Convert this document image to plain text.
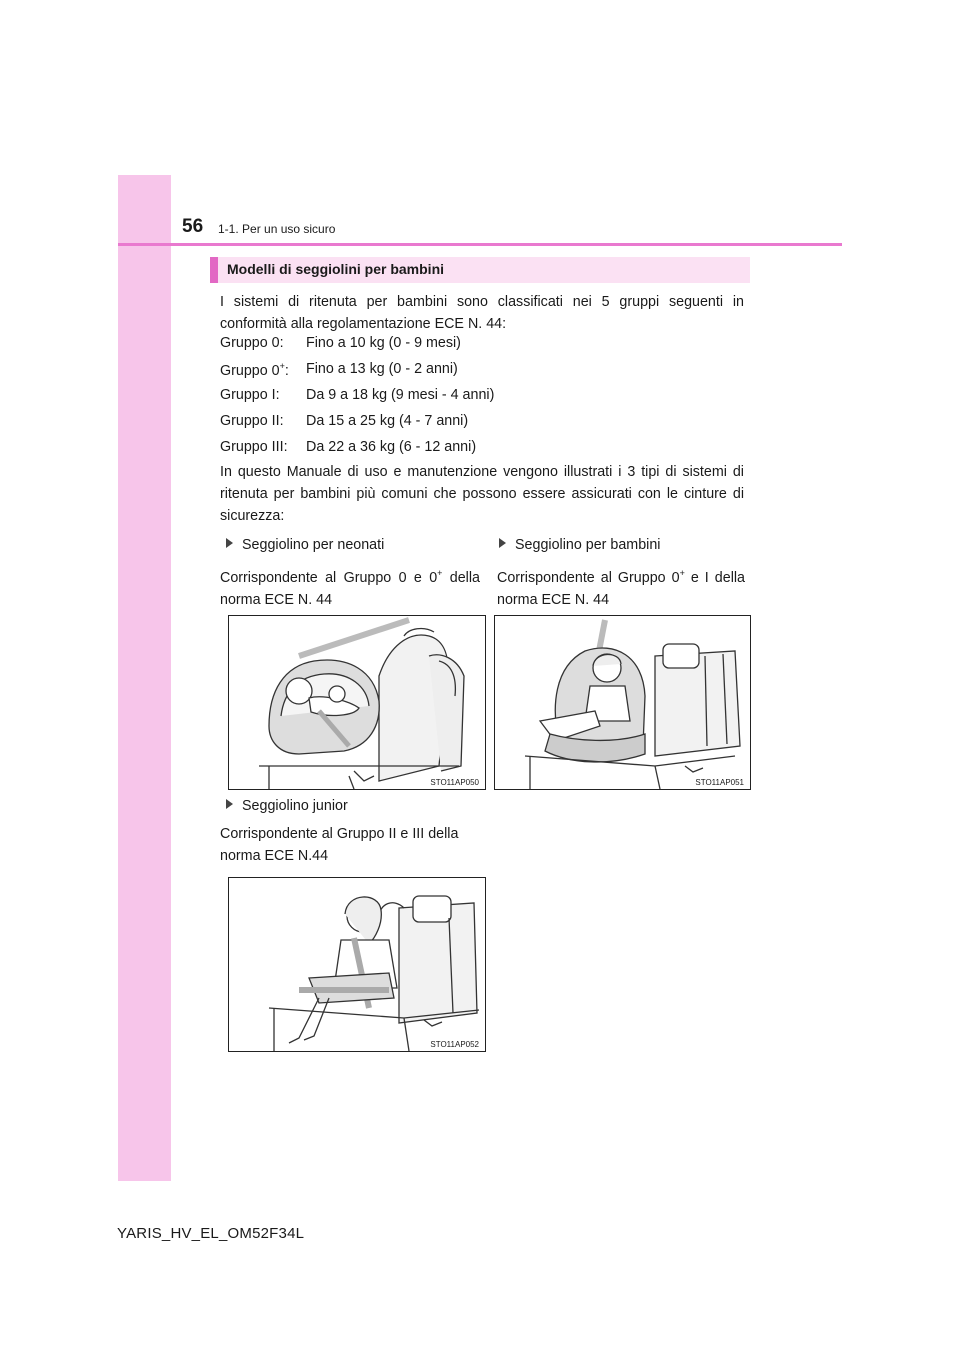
56 1-1. Per un uso sicuro
Modelli di seggiolini per bambini
I sistemi di ritenuta per bambini sono classificati nei 5 gruppi seguenti in conformità alla regolamentazione ECE N. 44:
Gruppo 0: Fino a 10 kg (0 - 9 mesi)
Gruppo 0+: Fino a 13 kg (0 - 2 anni)
Gruppo I: Da 9 a 18 kg (9 mesi - 4 anni)
Gruppo II: Da 15 a 25 kg (4 - 7 anni)
Gruppo III: Da 22 a 36 kg (6 - 12 anni)
In questo Manuale di uso e manutenzione vengono illustrati i 3 tipi di sistemi di ritenuta per bambini più comuni che possono essere assicurati con le cinture di sicurezza:
Seggiolino per neonati
Corrispondente al Gruppo 0 e 0+ della norma ECE N. 44
Seggiolino per bambini
Corrispondente al Gruppo 0+ e I della norma ECE N. 44
STO11AP050	STO11AP051
Seggiolino junior
Corrispondente al Gruppo II e III della norma ECE N.44
STO11AP052
YARIS_HV_EL_OM52F34L
